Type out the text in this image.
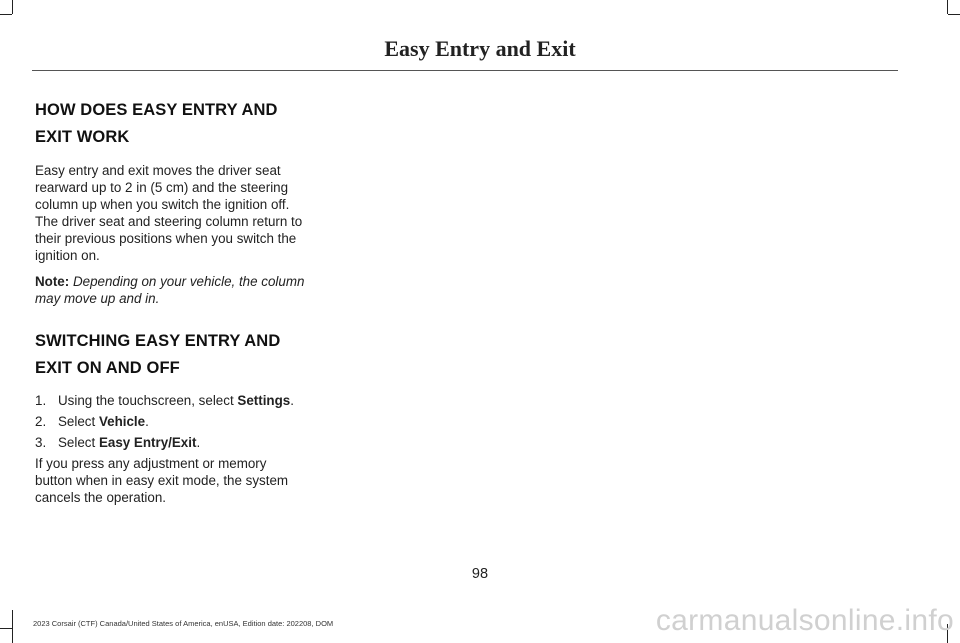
Easy Entry and Exit
HOW DOES EASY ENTRY AND
EXIT WORK

Easy entry and exit moves the driver seat rearward up to 2 in (5 cm) and the steering column up when you switch the ignition off. The driver seat and steering column return to their previous positions when you switch the ignition on.

Note: Depending on your vehicle, the column may move up and in.

SWITCHING EASY ENTRY AND
EXIT ON AND OFF
1. Using the touchscreen, select Settings.
2. Select Vehicle.
3. Select Easy Entry/Exit.

If you press any adjustment or memory button when in easy exit mode, the system cancels the operation.

98
2023 Corsair (CTF) Canada/United States of America, enUSA, Edition date: 202208, DOM	carmanualsonline.info
